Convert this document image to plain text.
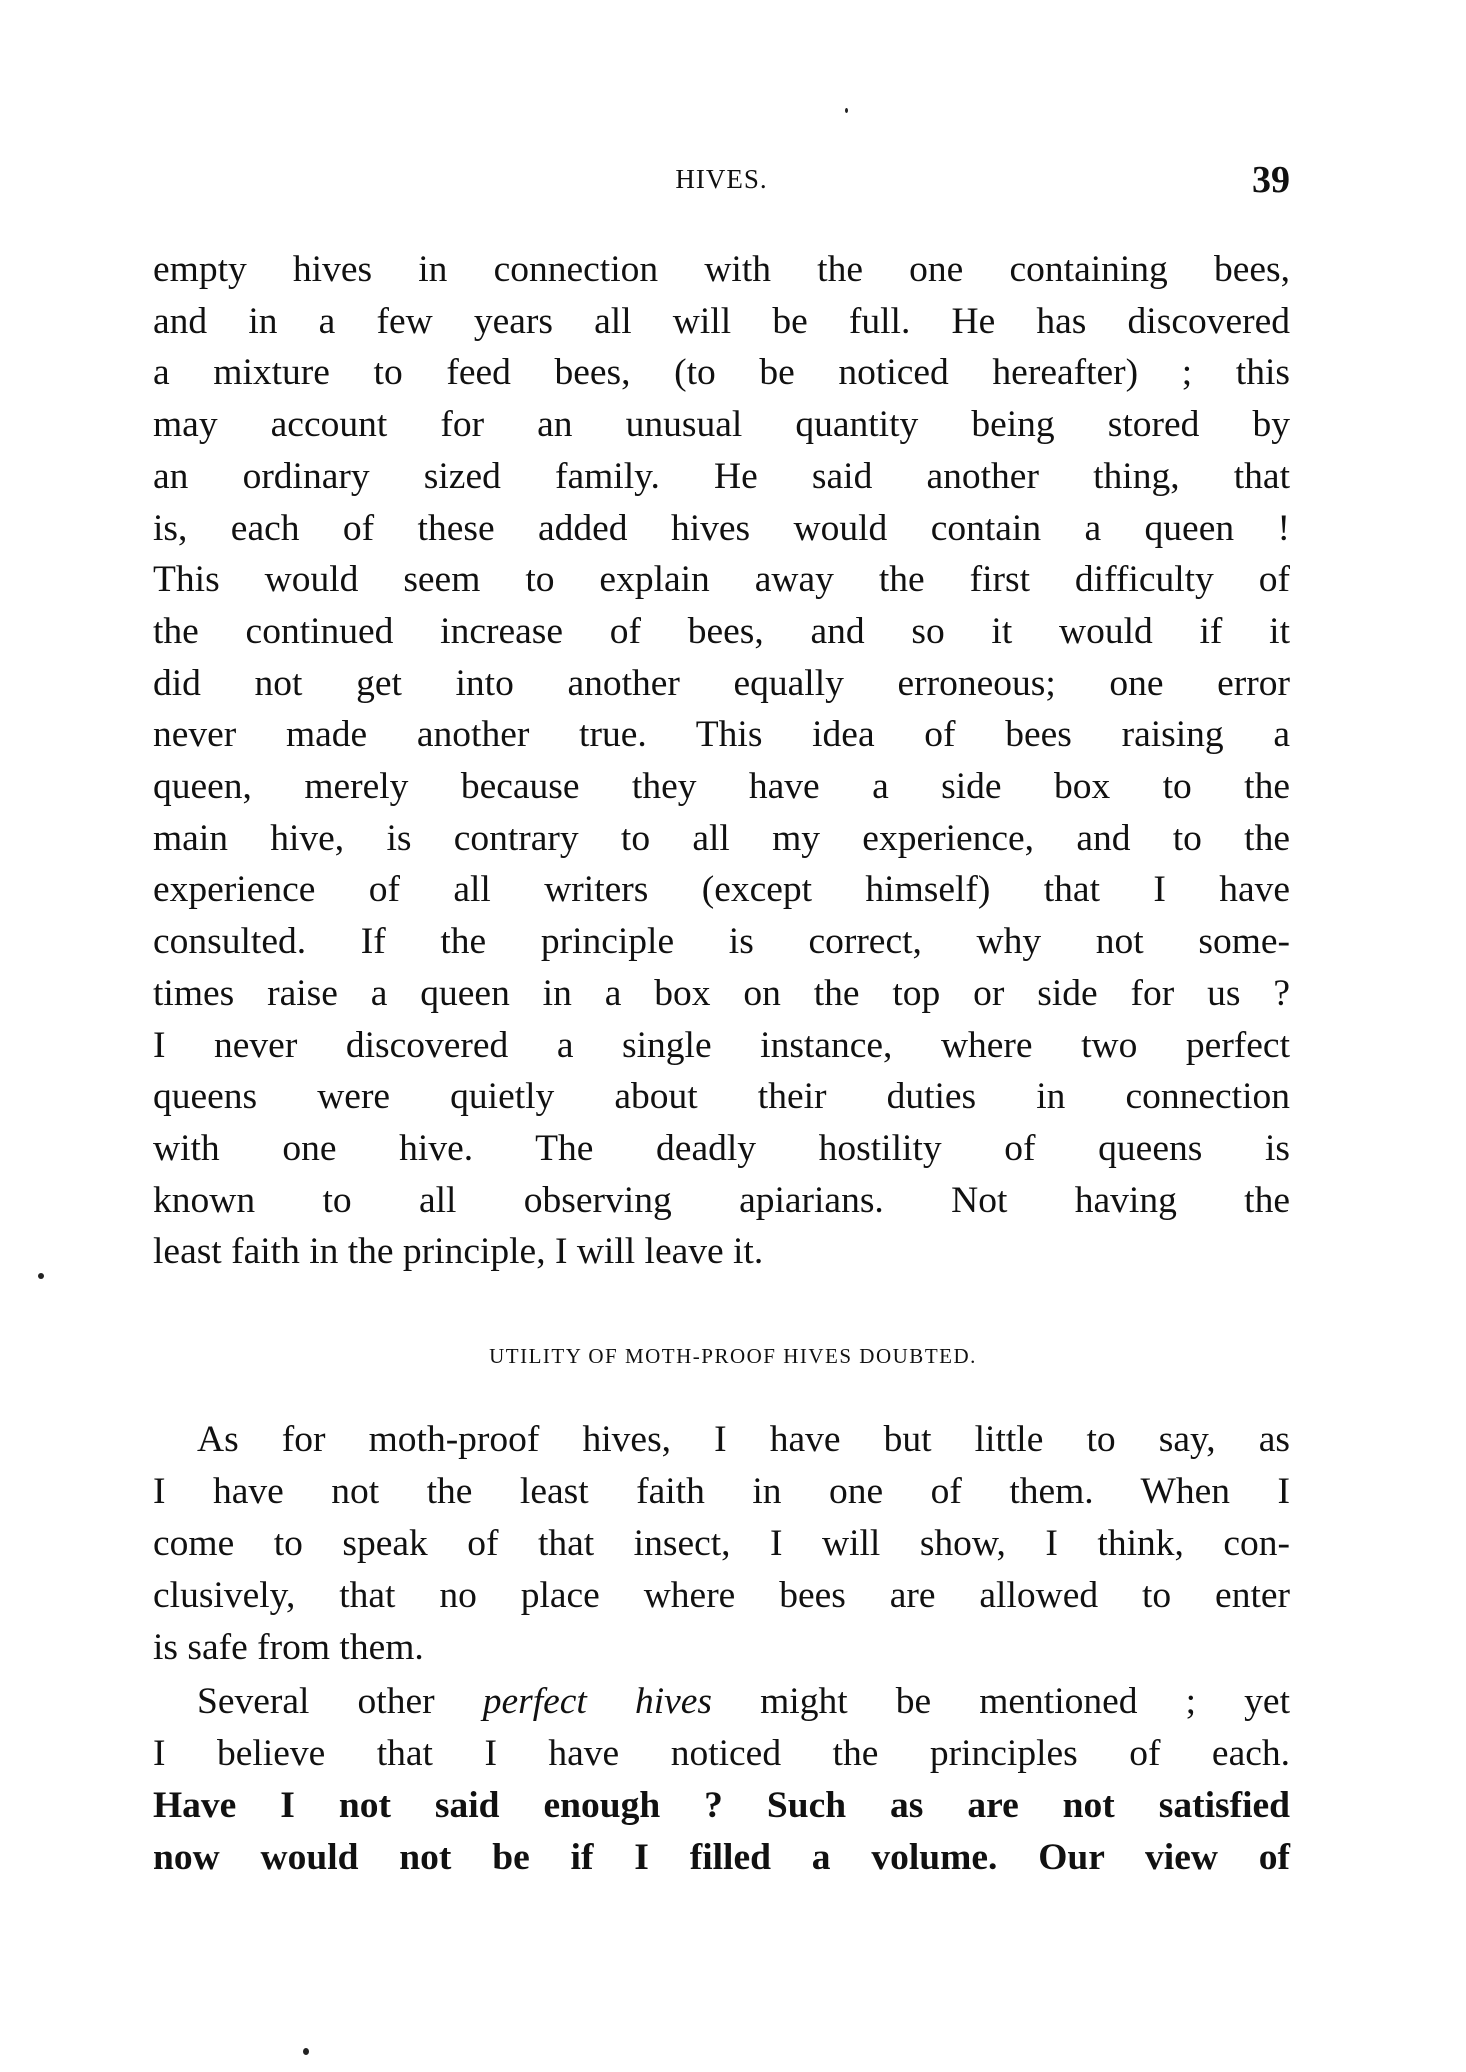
HIVES.	39
empty hives in connection with the one containing bees,
and in a few years all will be full. He has discovered
a mixture to feed bees, (to be noticed hereafter) ; this
may account for an unusual quantity being stored by
an ordinary sized family. He said another thing, that
is, each of these added hives would contain a queen !
This would seem to explain away the first difficulty of
the continued increase of bees, and so it would if it
did not get into another equally erroneous; one error
never made another true. This idea of bees raising a
queen, merely because they have a side box to the
main hive, is contrary to all my experience, and to the
experience of all writers (except himself) that I have
consulted. If the principle is correct, why not some-
times raise a queen in a box on the top or side for us ?
I never discovered a single instance, where two perfect
queens were quietly about their duties in connection
with one hive. The deadly hostility of queens is
known to all observing apiarians. Not having the
least faith in the principle, I will leave it.
UTILITY OF MOTH-PROOF HIVES DOUBTED.
As for moth-proof hives, I have but little to say, as
I have not the least faith in one of them. When I
come to speak of that insect, I will show, I think, con-
clusively, that no place where bees are allowed to enter
is safe from them.
Several other perfect hives might be mentioned ; yet
I believe that I have noticed the principles of each.
Have I not said enough ? Such as are not satisfied
now would not be if I filled a volume. Our view of
